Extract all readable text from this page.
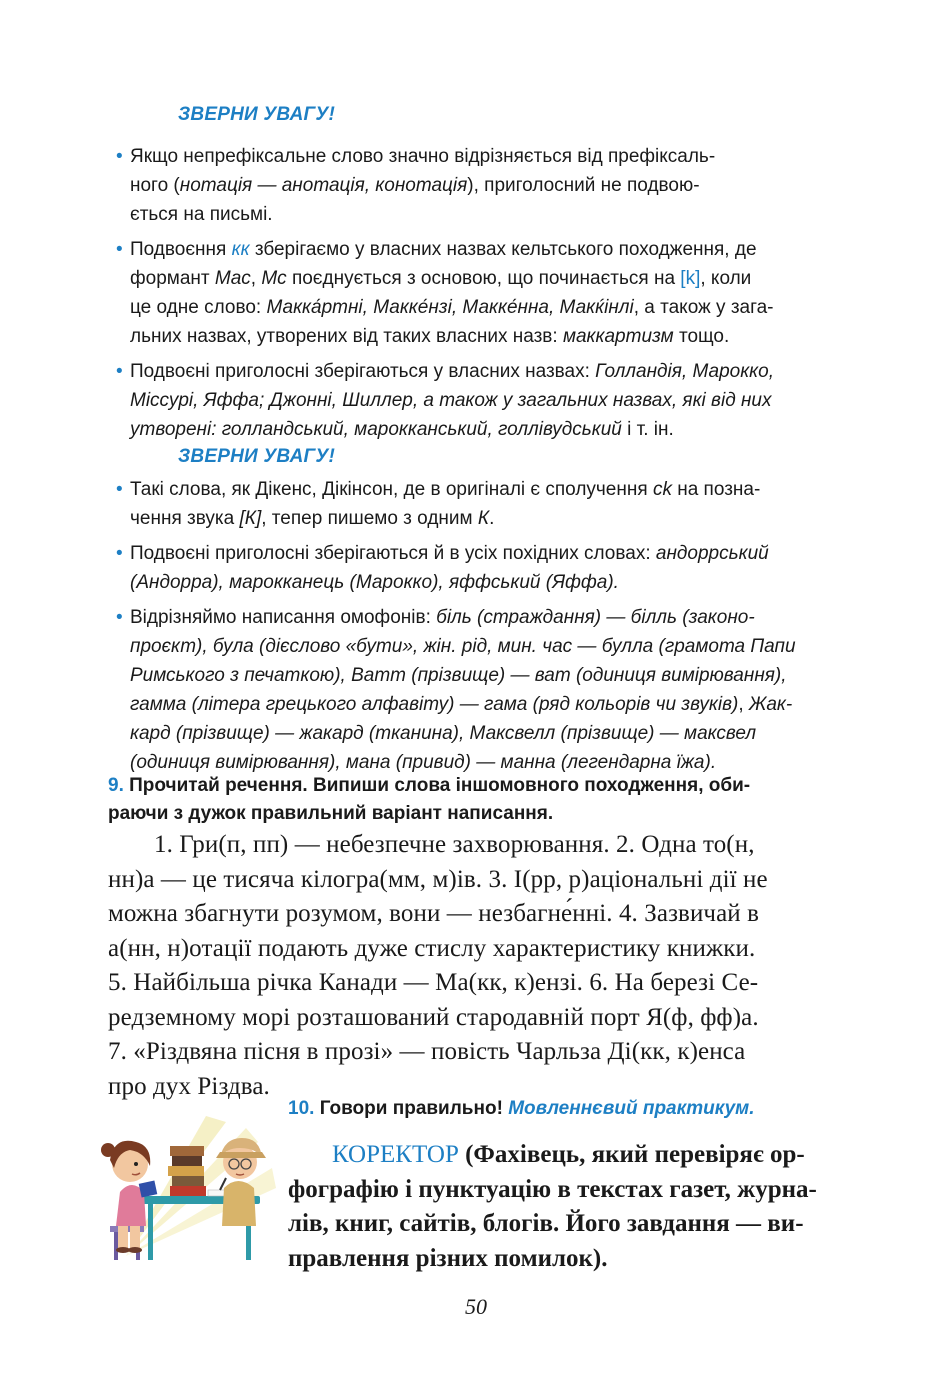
ЗВЕРНИ УВАГУ!

• Якщо непрефіксальне слово значно відрізняється від префіксаль-
ного (нотація — анотація, конотація), приголосний не подвою-
ється на письмі.

• Подвоєння кк зберігаємо у власних назвах кельтського походження, де
формант Mac, Mc поєднується з основою, що починається на [k], коли
це одне слово: Макка́ртні, Макке́нзі, Макке́нна, Макќінлі, а також у зага-
льних назвах, утворених від таких власних назв: маккартизм тощо.

• Подвоєні приголосні зберігаються у власних назвах: Голландія, Марокко,
Міссурі, Яффа; Джонні, Шиллер, а також у загальних назвах, які від них
утворені: голландський, марокканський, голлівудський і т. ін.

ЗВЕРНИ УВАГУ!

• Такі слова, як Дікенс, Дікінсон, де в оригіналі є сполучення ck на позна-
чення звука [К], тепер пишемо з одним К.

• Подвоєні приголосні зберігаються й в усіх похідних словах: андоррський
(Андорра), марокканець (Марокко), яффський (Яффа).

• Відрізняймо написання омофонів: біль (страждання) — білль (законо-
проєкт), була (дієслово «бути», жін. рід, мин. час — булла (грамота Папи
Римського з печаткою), Ватт (прізвище) — ват (одиниця вимірювання),
гамма (літера грецького алфавіту) — гама (ряд кольорів чи звуків), Жак-
кард (прізвище) — жакард (тканина), Максвелл (прізвище) — максвел
(одиниця вимірювання), мана (привид) — манна (легендарна їжа).

9. Прочитай речення. Випиши слова іншомовного походження, оби-
раючи з дужок правильний варіант написання.
1. Гри(п, пп) — небезпечне захворювання. 2. Одна то(н,
нн)а — це тисяча кілогра(мм, м)ів. 3. І(рр, р)аціональні дії не
можна збагнути розумом, вони — незбагне́нні. 4. Зазвичай в
а(нн, н)отації подають дуже стислу характеристику книжки.
5. Найбільша річка Канади — Ма(кк, к)ензі. 6. На березі Се-
редземному морі розташований стародавній порт Я(ф, фф)а.
7. «Різдвяна пісня в прозі» — повість Чарльза Ді(кк, к)енса
про дух Різдва.
10. Говори правильно! Мовленнєвий практикум.
КОРЕКТОР (Фахівець, який перевіряє ор-
фографію і пунктуацію в текстах газет, журна-
лів, книг, сайтів, блогів. Його завдання — ви-
правлення різних помилок).
50
